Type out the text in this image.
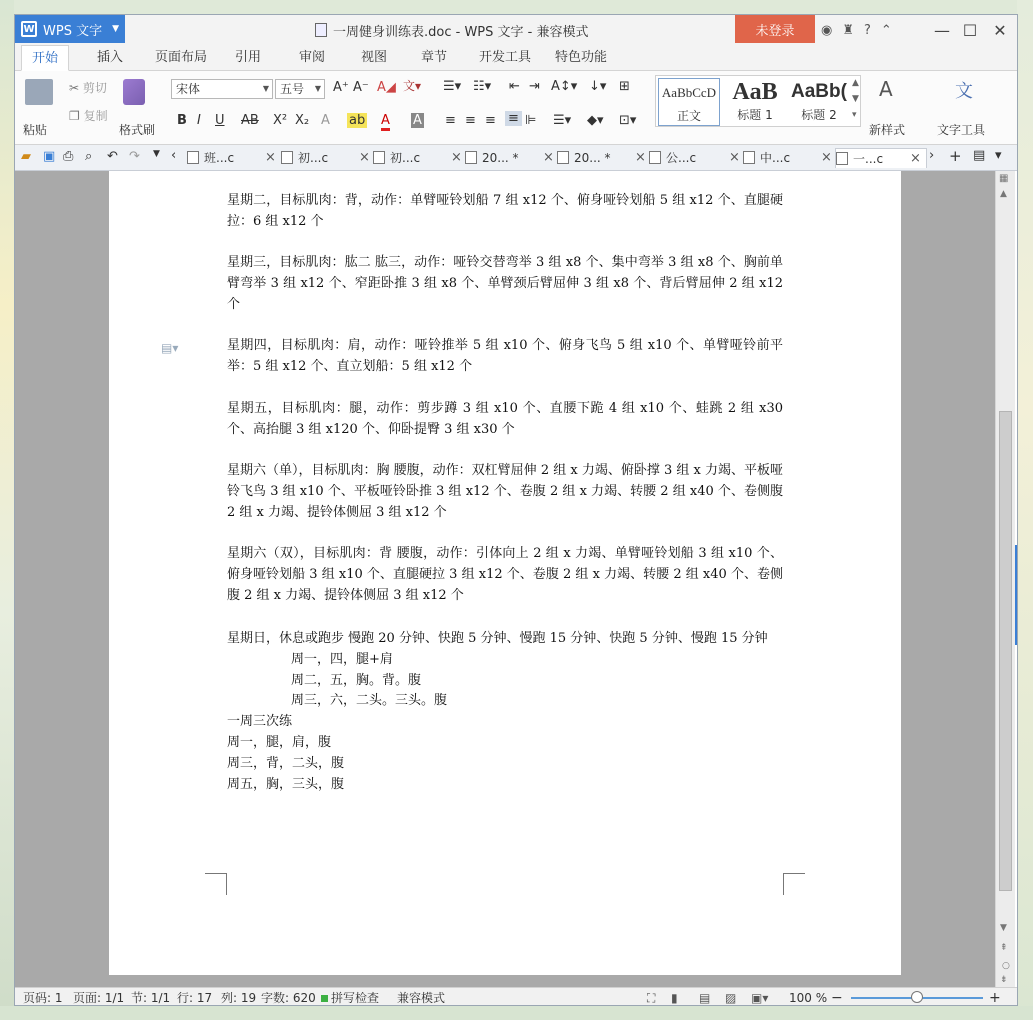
W WPS 文字 ▼	一周健身训练表.doc - WPS 文字 - 兼容模式	未登录	◉ ♜ ? ⌃	— ☐	✕
开始	插入 页面布局 引用	审阅	视图	章节 开发工具 特色功能
粘贴
✂ 剪切
❐ 复制
格式刷
宋体	▼ 五号 ▼ A⁺ A⁻ A◢ 文▾
B I U AB X² X₂ A ab A A
☰▾ ☷▾ ⇤ ⇥ A↕▾ ↓▾ ⊞
≡ ≡ ≡ ≡ ⊫ ☰▾ ◆▾ ⊡▾
AaBbCcD
正文
AaB
标题 1
AaBb(
标题 2
▲
▼
▾
A
新样式
文
文字工具
▰ ▣ ⎙ ⌕ ↶ ↷ ▼ ‹	班...c ×	初...c ×	初...c ×	20... * ×	20... * ×	公...c	×	中...c ×	一...c × › + ▤ ▾
▤▾
星期二，目标肌肉：背，动作：单臂哑铃划船 7 组 x12 个、俯身哑铃划船 5 组 x12 个、直腿硬拉：6 组 x12 个
星期三，目标肌肉：肱二 肱三，动作：哑铃交替弯举 3 组 x8 个、集中弯举 3 组 x8 个、胸前单臂弯举 3 组 x12 个、窄距卧推 3 组 x8 个、单臂颈后臂屈伸 3 组 x8 个、背后臂屈伸 2 组 x12 个
星期四，目标肌肉：肩，动作：哑铃推举 5 组 x10 个、俯身飞鸟 5 组 x10 个、单臂哑铃前平举：5 组 x12 个、直立划船：5 组 x12 个
星期五，目标肌肉：腿，动作：剪步蹲 3 组 x10 个、直腰下跪 4 组 x10 个、蛙跳 2 组 x30 个、高抬腿 3 组 x120 个、仰卧提臀 3 组 x30 个
星期六（单），目标肌肉：胸 腰腹，动作：双杠臂屈伸 2 组 x 力竭、俯卧撑 3 组 x 力竭、平板哑铃飞鸟 3 组 x10 个、平板哑铃卧推 3 组 x12 个、卷腹 2 组 x 力竭、转腰 2 组 x40 个、卷侧腹 2 组 x 力竭、提铃体侧屈 3 组 x12 个
星期六（双），目标肌肉：背 腰腹，动作：引体向上 2 组 x 力竭、单臂哑铃划船 3 组 x10 个、俯身哑铃划船 3 组 x10 个、直腿硬拉 3 组 x12 个、卷腹 2 组 x 力竭、转腰 2 组 x40 个、卷侧腹 2 组 x 力竭、提铃体侧屈 3 组 x12 个
星期日，休息或跑步 慢跑 20 分钟、快跑 5 分钟、慢跑 15 分钟、快跑 5 分钟、慢跑 15 分钟
周一，四，腿+肩
周二，五，胸。背。腹
周三，六，二头。三头。腹
一周三次练
周一，腿，肩，腹
周三，背，二头，腹
周五，胸，三头，腹
▦
▲
▼
⇞
○
⇟
页码: 1 页面: 1/1 节: 1/1 行: 17 列: 19 字数: 620	拼写检查 兼容模式	⛶ ▮ ▤ ▨ ▣▾ 100 % −	+
